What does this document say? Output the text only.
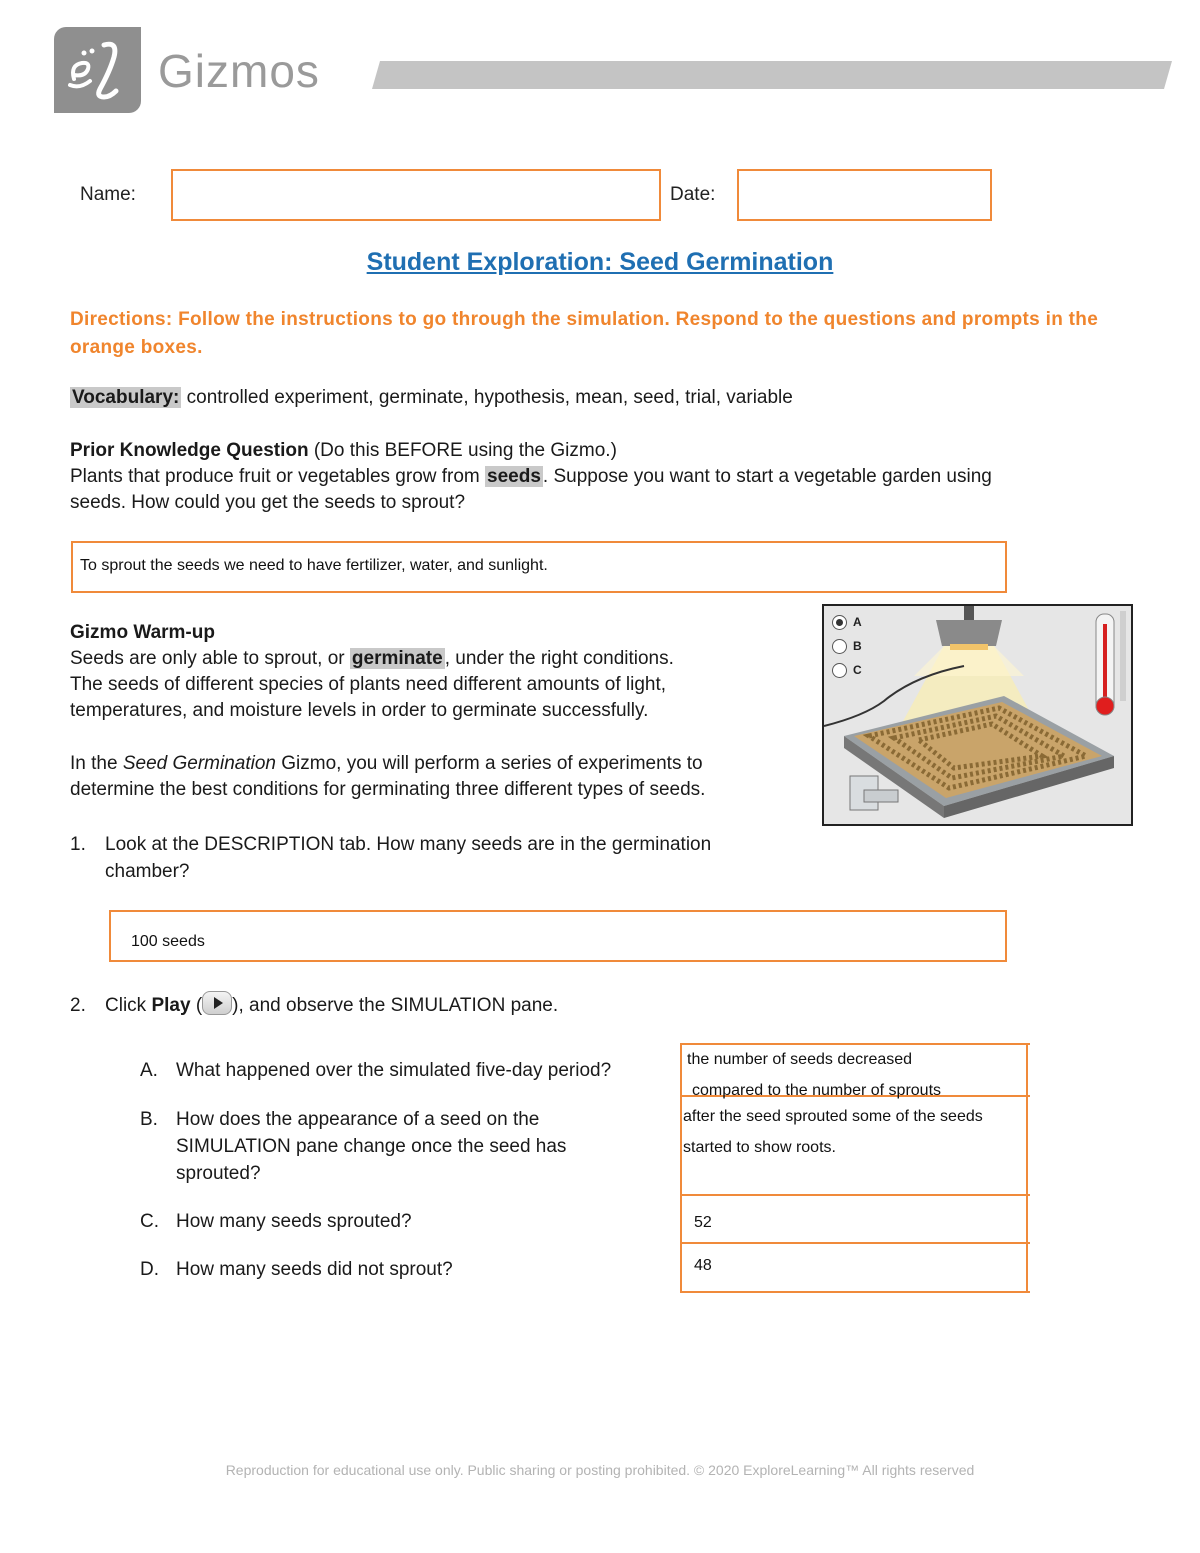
Gizmos
Name:	Date:
Student Exploration: Seed Germination
Directions: Follow the instructions to go through the simulation. Respond to the questions and prompts in the orange boxes.
Vocabulary: controlled experiment, germinate, hypothesis, mean, seed, trial, variable
Prior Knowledge Question (Do this BEFORE using the Gizmo.)
Plants that produce fruit or vegetables grow from seeds . Suppose you want to start a vegetable garden using
seeds. How could you get the seeds to sprout?
To sprout the seeds we need to have fertilizer, water, and sunlight.
Gizmo Warm-up
Seeds are only able to sprout, or germinate , under the right conditions.
The seeds of different species of plants need different amounts of light,
temperatures, and moisture levels in order to germinate successfully.
In the Seed Germination Gizmo, you will perform a series of experiments to
determine the best conditions for germinating three different types of seeds.
A
B
C
1. Look at the DESCRIPTION tab. How many seeds are in the germination
chamber?
100 seeds
2. Click Play ( ), and observe the SIMULATION pane.
A. What happened over the simulated five-day period?
B. How does the appearance of a seed on the
SIMULATION pane change once the seed has
sprouted?
C. How many seeds sprouted?
D. How many seeds did not sprout?
the number of seeds decreased
compared to the number of sprouts
after the seed sprouted some of the seeds
started to show roots.
52
48
Reproduction for educational use only. Public sharing or posting prohibited. © 2020 ExploreLearning™ All rights reserved
